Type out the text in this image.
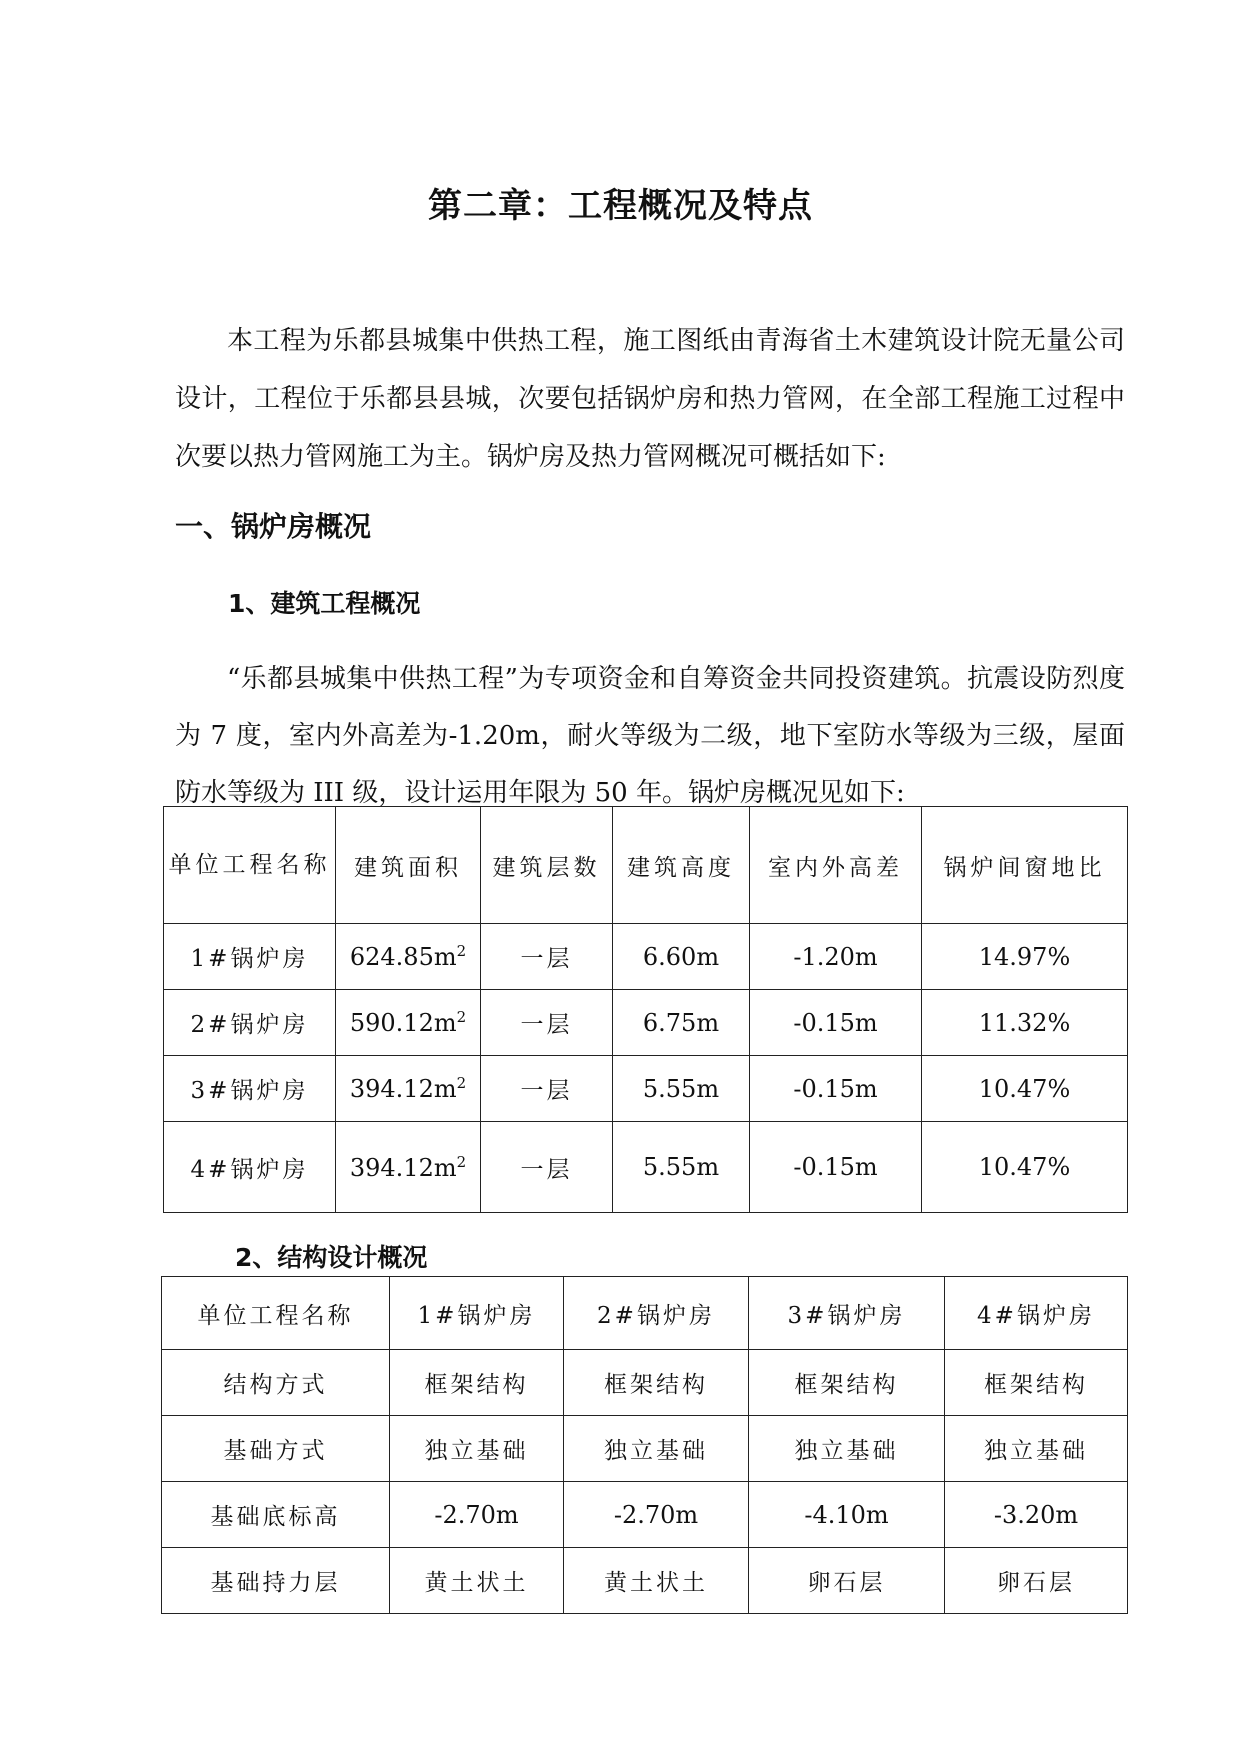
第二章：工程概况及特点

本工程为乐都县城集中供热工程，施工图纸由青海省土木建筑设计院无量公司设计，工程位于乐都县县城，次要包括锅炉房和热力管网，在全部工程施工过程中次要以热力管网施工为主。锅炉房及热力管网概况可概括如下:

一、锅炉房概况
1、建筑工程概况

“乐都县城集中供热工程”为专项资金和自筹资金共同投资建筑。抗震设防烈度为 7 度，室内外高差为-1.20m，耐火等级为二级，地下室防水等级为三级，屋面防水等级为 III 级，设计运用年限为 50 年。锅炉房概况见如下:

单位工程名称	建筑面积	建筑层数	建筑高度	室内外高差	锅炉间窗地比
1#锅炉房	$624.85m^2$	一层	6.60m	-1.20m	14.97%
2#锅炉房	$590.12m^2$	一层	6.75m	-0.15m	11.32%
3#锅炉房	$394.12m^2$	一层	5.55m	-0.15m	10.47%
4#锅炉房	$394.12m^2$	一层	5.55m	-0.15m	10.47%
2、结构设计概况
单位工程名称	1#锅炉房	2#锅炉房	3#锅炉房	4#锅炉房
结构方式	框架结构	框架结构	框架结构	框架结构
基础方式	独立基础	独立基础	独立基础	独立基础
基础底标高	-2.70m	-2.70m	-4.10m	-3.20m
基础持力层	黄土状土	黄土状土	卵石层	卵石层
